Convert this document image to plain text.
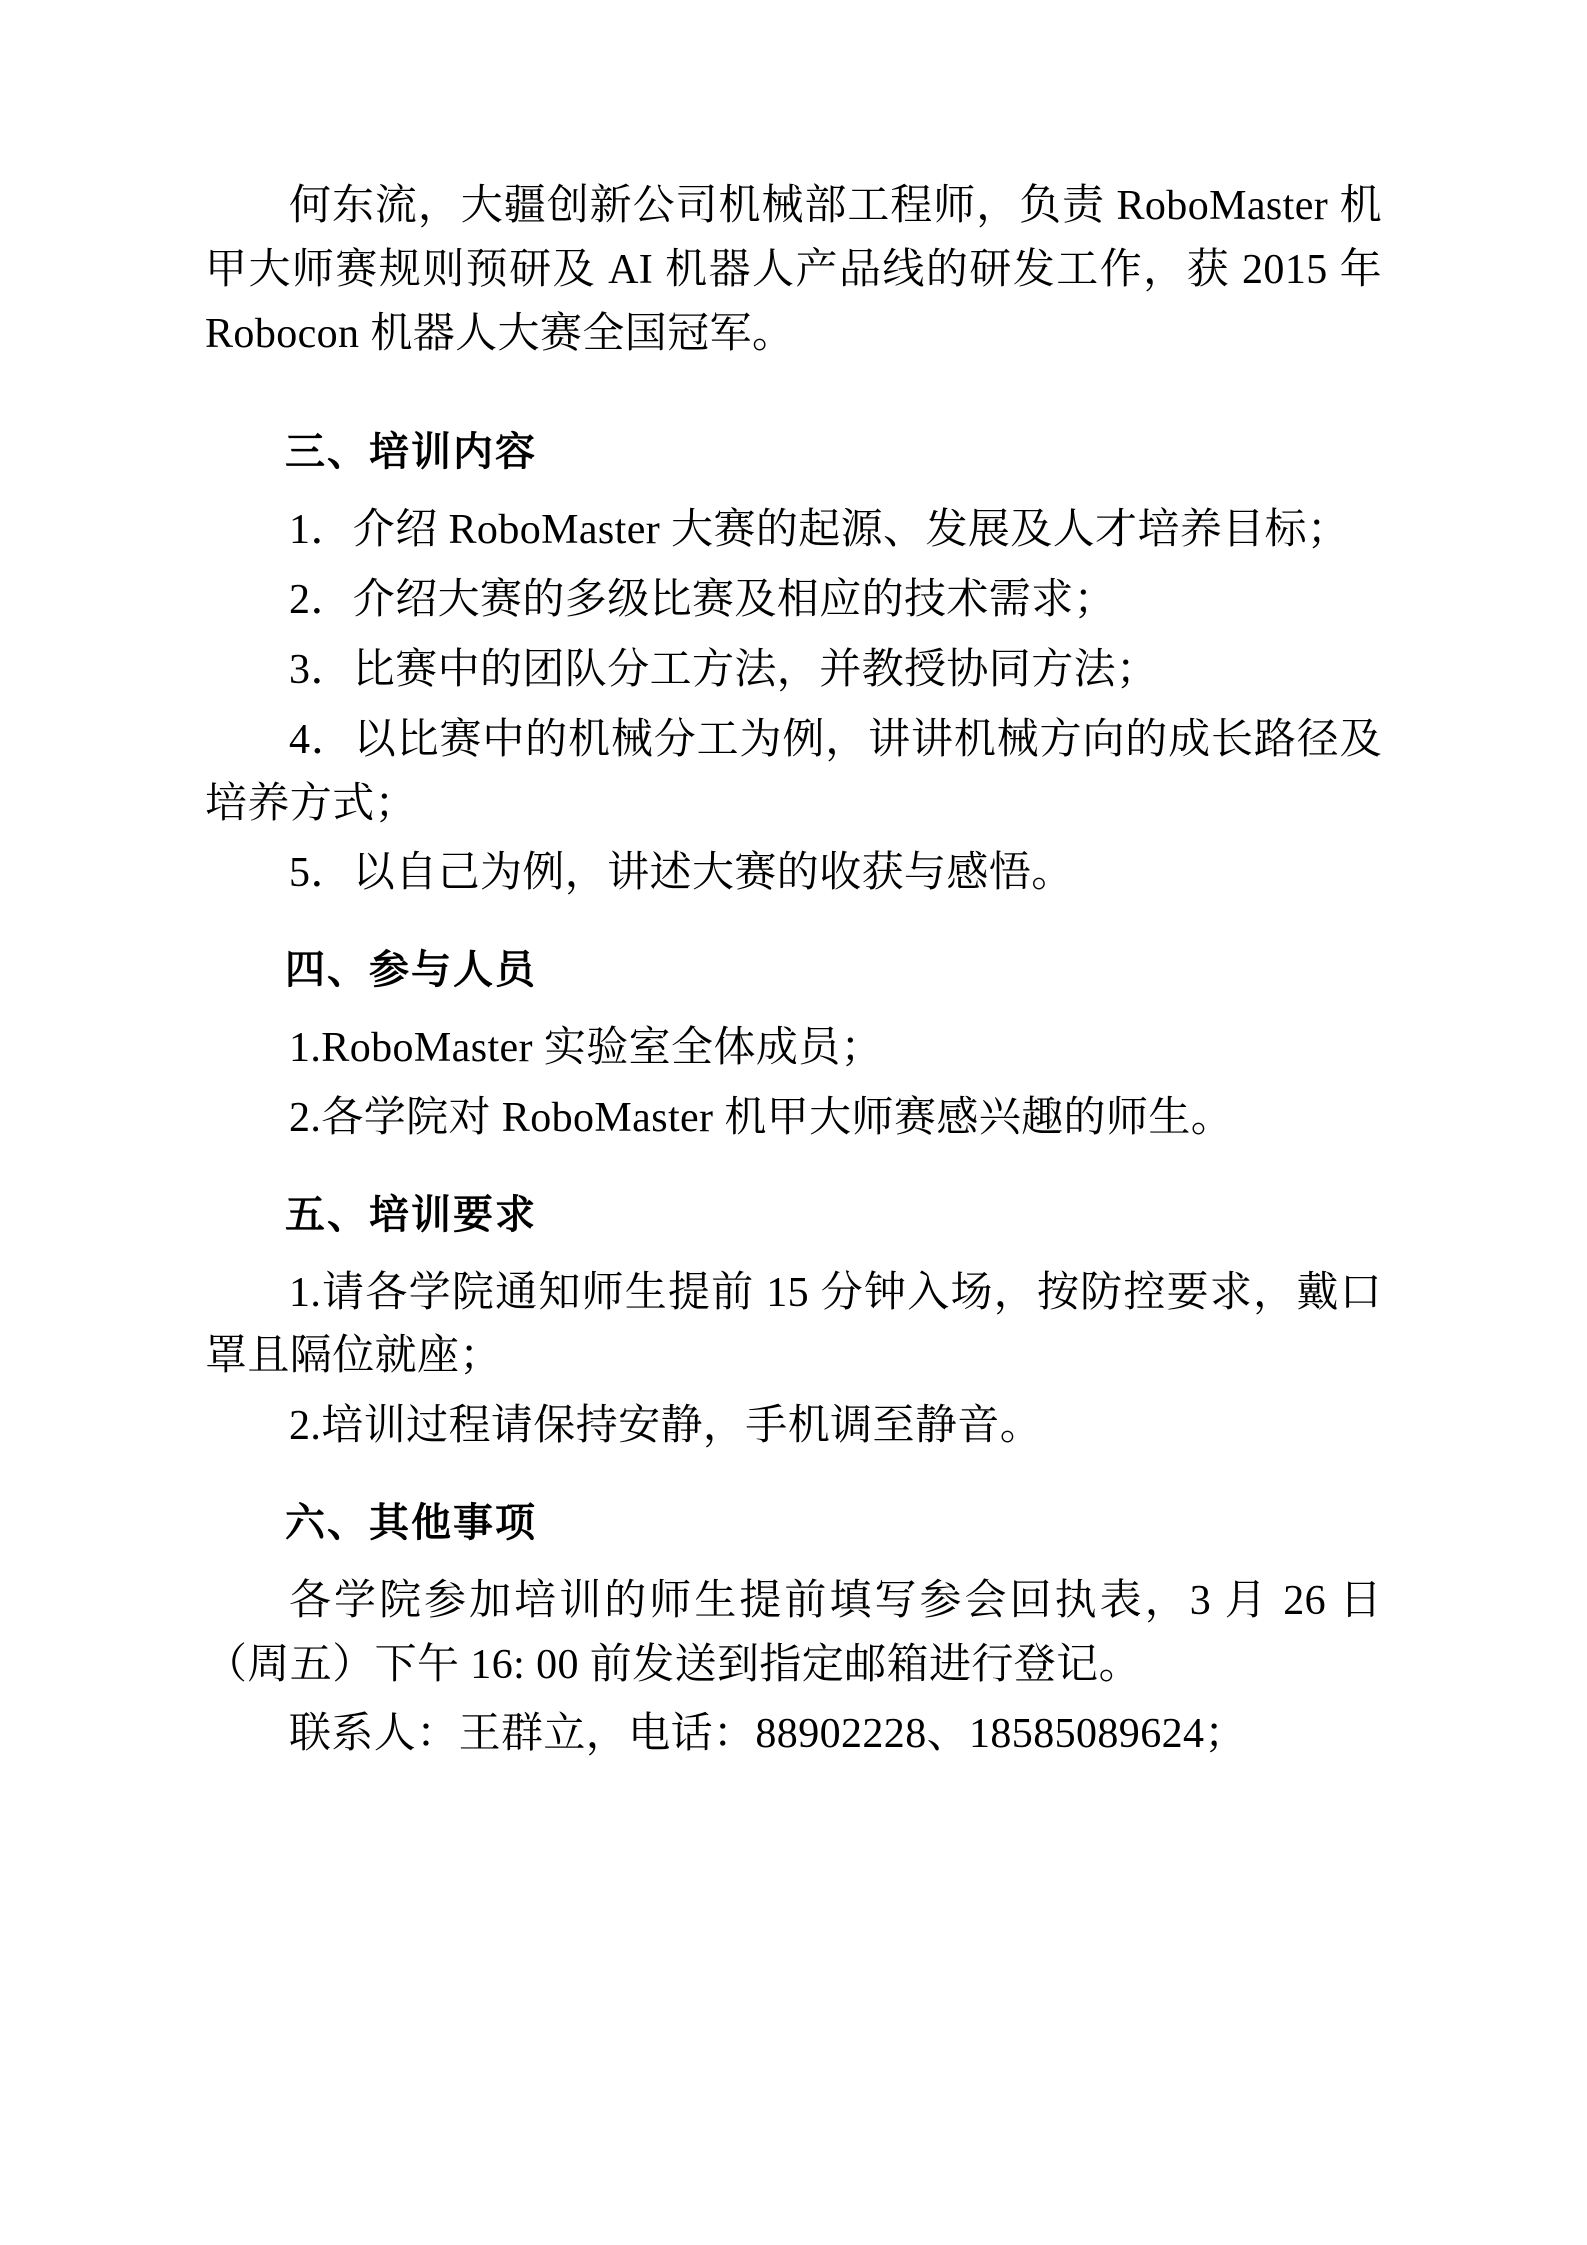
何东流，大疆创新公司机械部工程师，负责 RoboMaster 机甲大师赛规则预研及 AI 机器人产品线的研发工作，获 2015 年 Robocon 机器人大赛全国冠军。

三、培训内容

1．介绍 RoboMaster 大赛的起源、发展及人才培养目标；

2．介绍大赛的多级比赛及相应的技术需求；

3．比赛中的团队分工方法，并教授协同方法；

4．以比赛中的机械分工为例，讲讲机械方向的成长路径及培养方式；

5．以自己为例，讲述大赛的收获与感悟。

四、参与人员

1.RoboMaster 实验室全体成员；

2.各学院对 RoboMaster 机甲大师赛感兴趣的师生。

五、培训要求

1.请各学院通知师生提前 15 分钟入场，按防控要求，戴口罩且隔位就座；

2.培训过程请保持安静，手机调至静音。

六、其他事项

各学院参加培训的师生提前填写参会回执表，3 月 26 日（周五）下午 16: 00 前发送到指定邮箱进行登记。

联系人：王群立，电话：88902228、18585089624；
